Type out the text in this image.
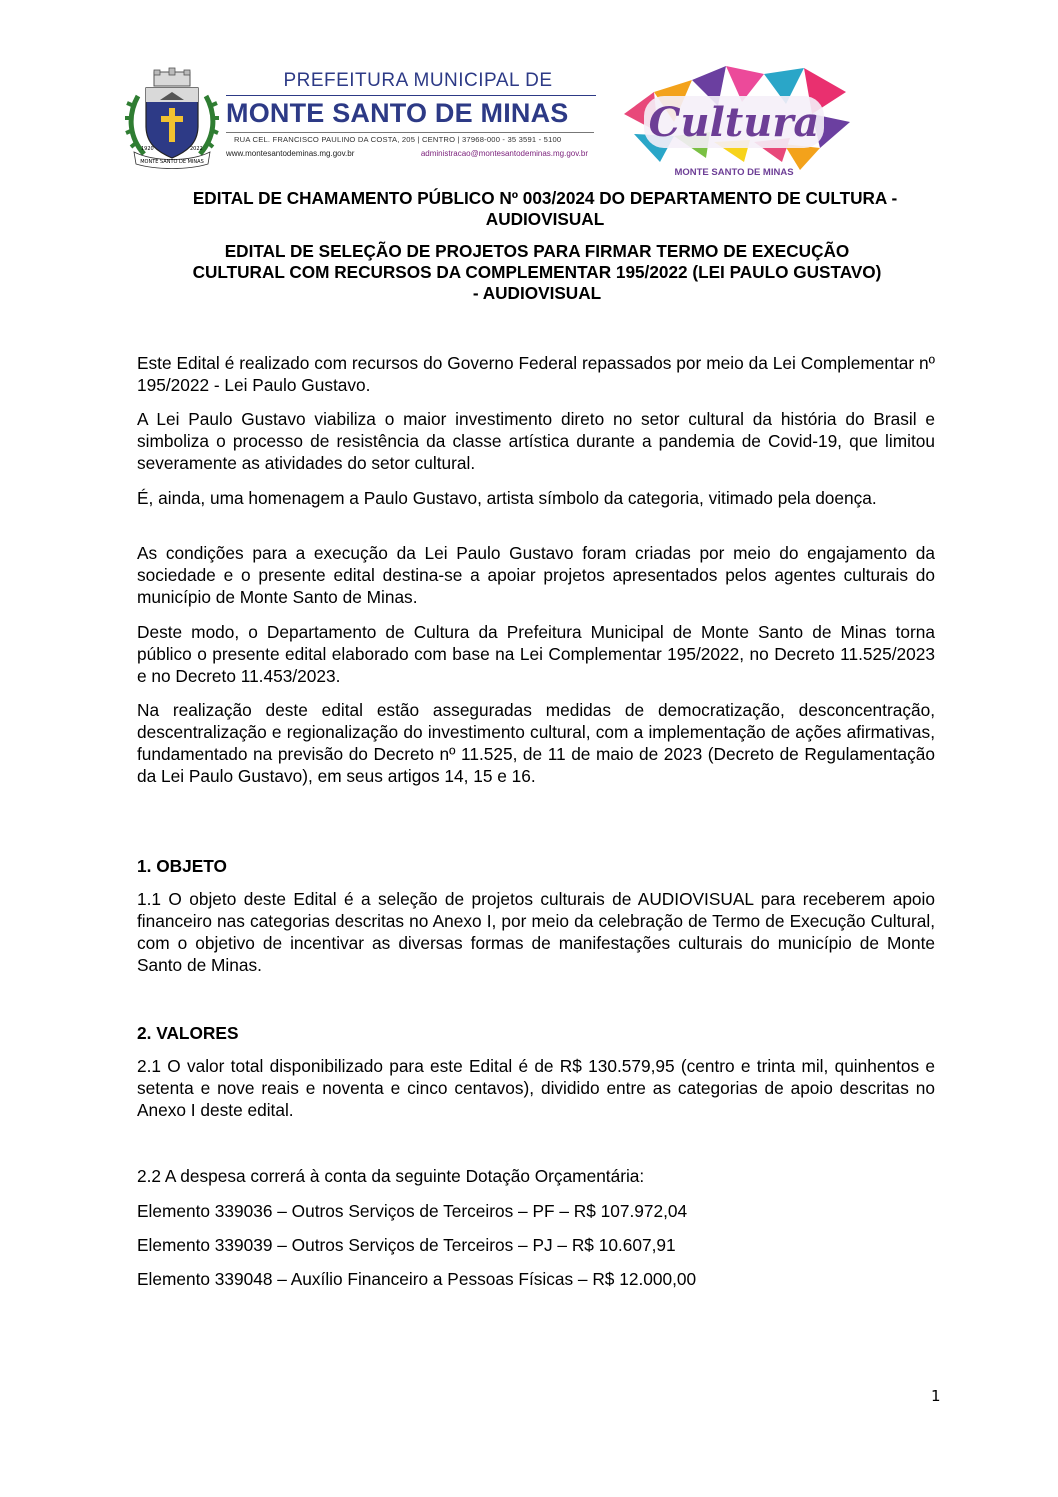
MONTE SANTO DE MINAS
1920	2022
PREFEITURA MUNICIPAL DE
MONTE SANTO DE MINAS
RUA CEL. FRANCISCO PAULINO DA COSTA, 205 | CENTRO | 37968-000 - 35 3591 - 5100
www.montesantodeminas.mg.gov.br	administracao@montesantodeminas.mg.gov.br
Cultura
MONTE SANTO DE MINAS
EDITAL DE CHAMAMENTO PÚBLICO Nº 003/2024 DO DEPARTAMENTO DE CULTURA -
AUDIOVISUAL
EDITAL DE SELEÇÃO DE PROJETOS PARA FIRMAR TERMO DE EXECUÇÃO
CULTURAL COM RECURSOS DA COMPLEMENTAR 195/2022 (LEI PAULO GUSTAVO)
- AUDIOVISUAL

Este Edital é realizado com recursos do Governo Federal repassados por meio da Lei Complementar nº 195/2022 - Lei Paulo Gustavo.

A Lei Paulo Gustavo viabiliza o maior investimento direto no setor cultural da história do Brasil e simboliza o processo de resistência da classe artística durante a pandemia de Covid-19, que limitou severamente as atividades do setor cultural.

É, ainda, uma homenagem a Paulo Gustavo, artista símbolo da categoria, vitimado pela doença.

As condições para a execução da Lei Paulo Gustavo foram criadas por meio do engajamento da sociedade e o presente edital destina-se a apoiar projetos apresentados pelos agentes culturais do município de Monte Santo de Minas.

Deste modo, o Departamento de Cultura da Prefeitura Municipal de Monte Santo de Minas torna público o presente edital elaborado com base na Lei Complementar 195/2022, no Decreto 11.525/2023 e no Decreto 11.453/2023.

Na realização deste edital estão asseguradas medidas de democratização, desconcentração, descentralização e regionalização do investimento cultural, com a implementação de ações afirmativas, fundamentado na previsão do Decreto nº 11.525, de 11 de maio de 2023 (Decreto de Regulamentação da Lei Paulo Gustavo), em seus artigos 14, 15 e 16.

1. OBJETO

1.1 O objeto deste Edital é a seleção de projetos culturais de AUDIOVISUAL para receberem apoio financeiro nas categorias descritas no Anexo I, por meio da celebração de Termo de Execução Cultural, com o objetivo de incentivar as diversas formas de manifestações culturais do município de Monte Santo de Minas.

2. VALORES

2.1 O valor total disponibilizado para este Edital é de R$ 130.579,95 (centro e trinta mil, quinhentos e setenta e nove reais e noventa e cinco centavos), dividido entre as categorias de apoio descritas no Anexo I deste edital.

2.2 A despesa correrá à conta da seguinte Dotação Orçamentária:

Elemento 339036 – Outros Serviços de Terceiros – PF – R$ 107.972,04

Elemento 339039 – Outros Serviços de Terceiros – PJ – R$ 10.607,91

Elemento 339048 – Auxílio Financeiro a Pessoas Físicas – R$ 12.000,00

1
